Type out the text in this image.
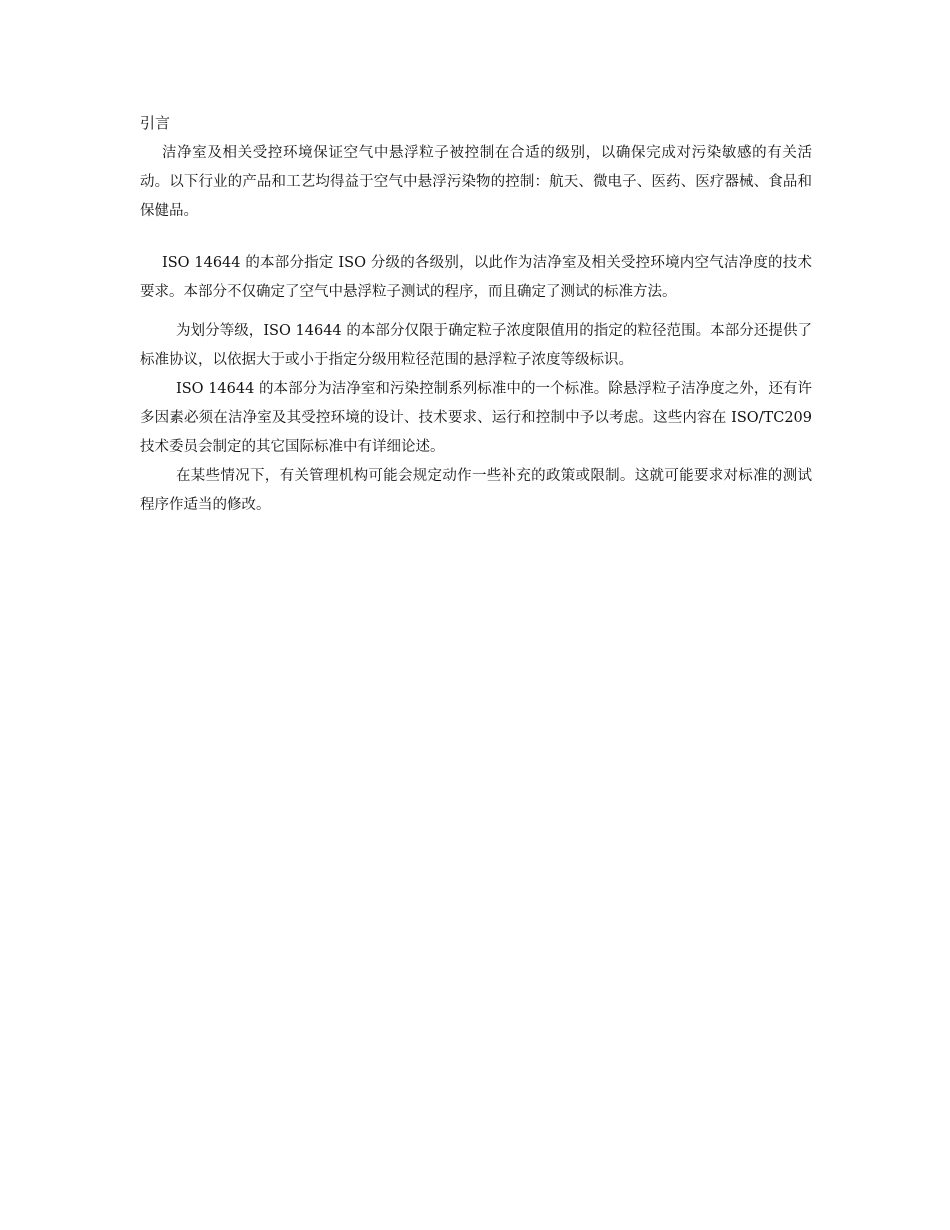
引言

洁净室及相关受控环境保证空气中悬浮粒子被控制在合适的级别，以确保完成对污染敏感的有关活动。以下行业的产品和工艺均得益于空气中悬浮污染物的控制：航天、微电子、医药、医疗器械、食品和保健品。

ISO 14644 的本部分指定 ISO 分级的各级别，以此作为洁净室及相关受控环境内空气洁净度的技术要求。本部分不仅确定了空气中悬浮粒子测试的程序，而且确定了测试的标准方法。

为划分等级，ISO 14644 的本部分仅限于确定粒子浓度限值用的指定的粒径范围。本部分还提供了标准协议，以依据大于或小于指定分级用粒径范围的悬浮粒子浓度等级标识。

ISO 14644 的本部分为洁净室和污染控制系列标准中的一个标准。除悬浮粒子洁净度之外，还有许多因素必须在洁净室及其受控环境的设计、技术要求、运行和控制中予以考虑。这些内容在 ISO/TC209 技术委员会制定的其它国际标准中有详细论述。

在某些情况下，有关管理机构可能会规定动作一些补充的政策或限制。这就可能要求对标准的测试程序作适当的修改。
